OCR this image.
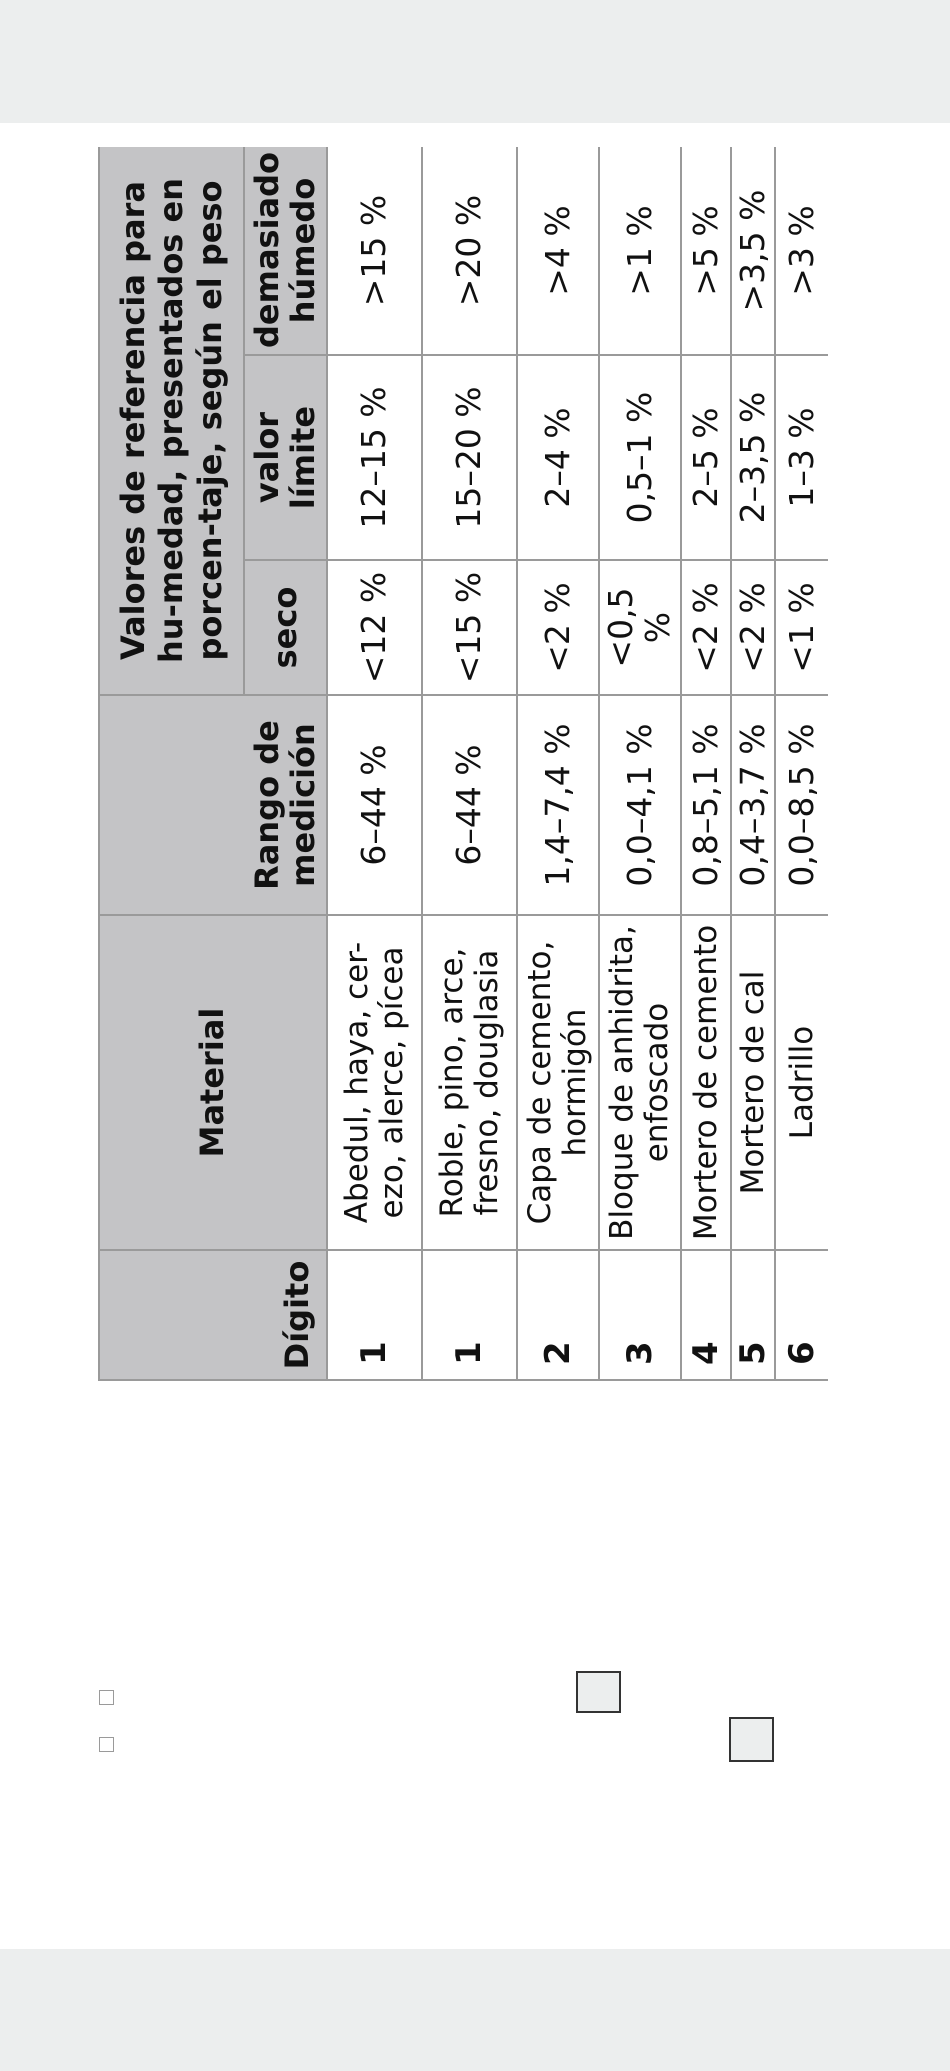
Dígito	Material	Rango de medición	Valores de referencia para hu-medad, presentados en porcen-taje, según el peso		
			seco	valor límite	demasiado húmedo
1	Abedul, haya, cer-ezo, alerce, pícea	6–44 %	<12 %	12–15 %	>15 %
1	Roble, pino, arce, fresno, douglasia	6–44 %	<15 %	15–20 %	>20 %
2	Capa de cemento, hormigón	1,4–7,4 %	<2 %	2–4 %	>4 %
3	Bloque de anhidrita, enfoscado	0,0–4,1 %	<0,5 %	0,5–1 %	>1 %
4	Mortero de cemento	0,8–5,1 %	<2 %	2–5 %	>5 %
5	Mortero de cal	0,4–3,7 %	<2 %	2–3,5 %	>3,5 %
6	Ladrillo	0,0–8,5 %	<1 %	1–3 %	>3 %
